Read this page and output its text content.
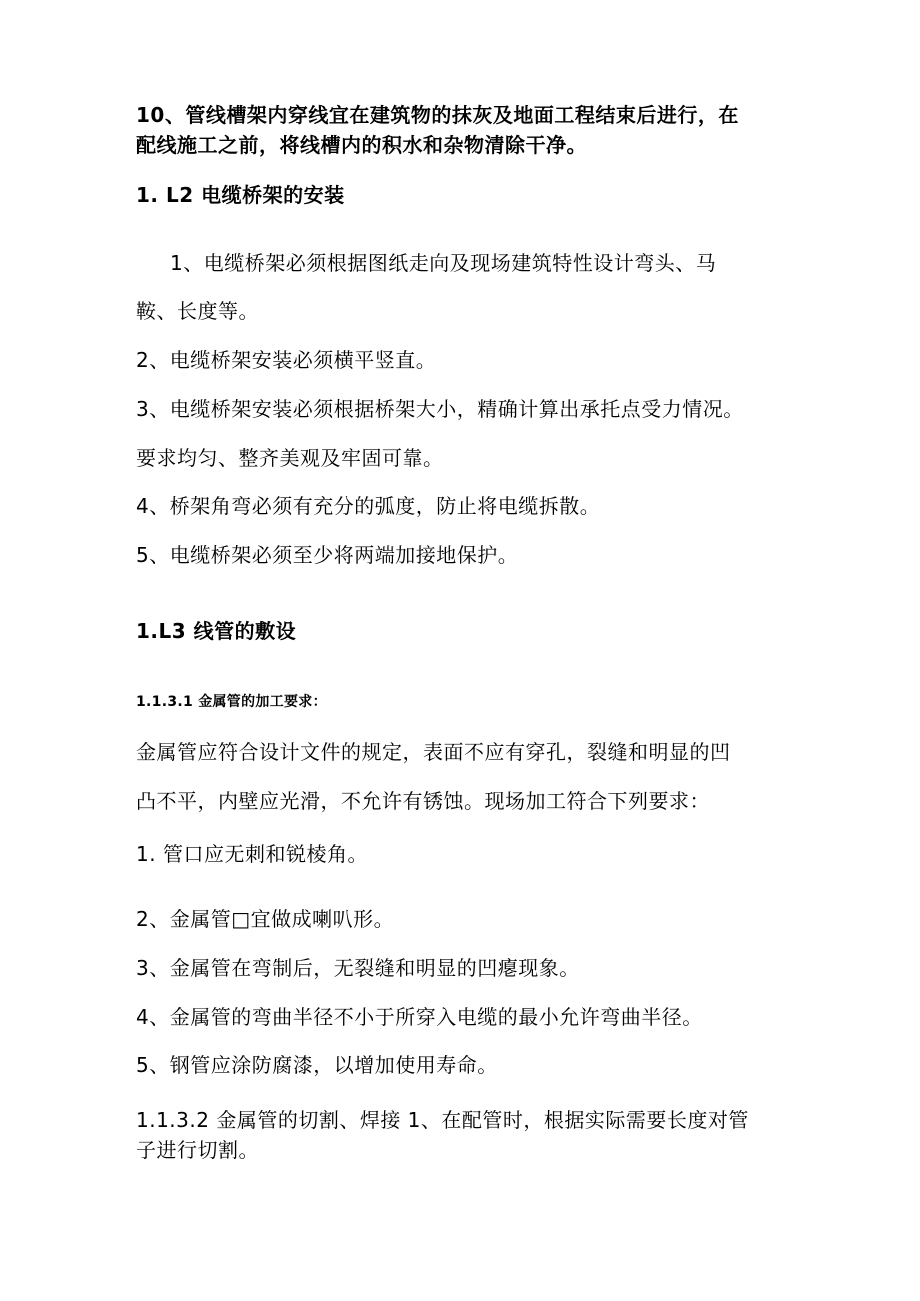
10、管线槽架内穿线宜在建筑物的抹灰及地面工程结束后进行，在
配线施工之前，将线槽内的积水和杂物清除干净。
1. L2 电缆桥架的安装
1、电缆桥架必须根据图纸走向及现场建筑特性设计弯头、马
鞍、长度等。
2、电缆桥架安装必须横平竖直。
3、电缆桥架安装必须根据桥架大小，精确计算出承托点受力情况。
要求均匀、整齐美观及牢固可靠。
4、桥架角弯必须有充分的弧度，防止将电缆拆散。
5、电缆桥架必须至少将两端加接地保护。
1.L3 线管的敷设
1.1.3.1 金属管的加工要求：
金属管应符合设计文件的规定，表面不应有穿孔，裂缝和明显的凹
凸不平，内壁应光滑，不允许有锈蚀。现场加工符合下列要求：
1. 管口应无刺和锐棱角。
2、金属管□宜做成喇叭形。
3、金属管在弯制后，无裂缝和明显的凹瘪现象。
4、金属管的弯曲半径不小于所穿入电缆的最小允许弯曲半径。
5、钢管应涂防腐漆，以增加使用寿命。
1.1.3.2 金属管的切割、焊接 1、在配管时，根据实际需要长度对管
子进行切割。
